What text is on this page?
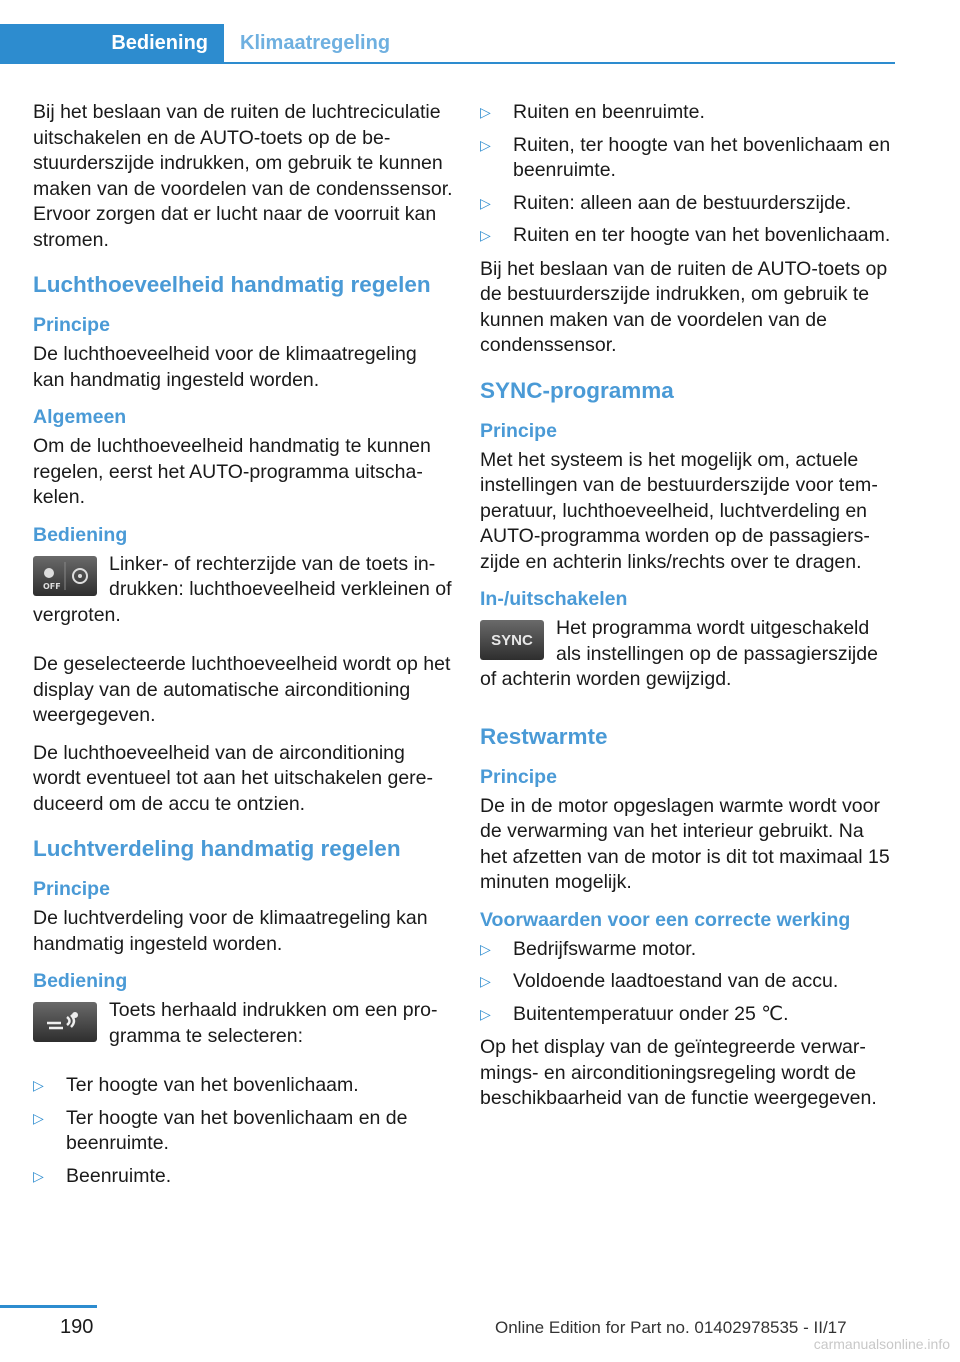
Bediening	Klimaatregeling

Bij het beslaan van de ruiten de luchtreciculatie uitschakelen en de AUTO-toets op de bestuurderszijde indrukken, om gebruik te kunnen maken van de voordelen van de condenssensor. Ervoor zorgen dat er lucht naar de voorruit kan stromen.

Luchthoeveelheid handmatig regelen
Principe

De luchthoeveelheid voor de klimaatregeling kan handmatig ingesteld worden.

Algemeen

Om de luchthoeveelheid handmatig te kunnen regelen, eerst het AUTO-programma uitschakelen.

Bediening
OFF

Linker- of rechterzijde van de toets indrukken: luchthoeveelheid verkleinen of vergroten.

De geselecteerde luchthoeveelheid wordt op het display van de automatische airconditioning weergegeven.

De luchthoeveelheid van de airconditioning wordt eventueel tot aan het uitschakelen gereduceerd om de accu te ontzien.

Luchtverdeling handmatig regelen
Principe

De luchtverdeling voor de klimaatregeling kan handmatig ingesteld worden.

Bediening

Toets herhaald indrukken om een programma te selecteren:

▷ Ter hoogte van het bovenlichaam.
▷ Ter hoogte van het bovenlichaam en de beenruimte.
▷ Beenruimte.
▷ Ruiten en beenruimte.
▷ Ruiten, ter hoogte van het bovenlichaam en beenruimte.
▷ Ruiten: alleen aan de bestuurderszijde.
▷ Ruiten en ter hoogte van het bovenlichaam.

Bij het beslaan van de ruiten de AUTO-toets op de bestuurderszijde indrukken, om gebruik te kunnen maken van de voordelen van de condenssensor.

SYNC-programma
Principe

Met het systeem is het mogelijk om, actuele instellingen van de bestuurderszijde voor temperatuur, luchthoeveelheid, luchtverdeling en AUTO-programma worden op de passagierszijde en achterin links/rechts over te dragen.

In-/uitschakelen
SYNC

Het programma wordt uitgeschakeld als instellingen op de passagierszijde of achterin worden gewijzigd.

Restwarmte
Principe

De in de motor opgeslagen warmte wordt voor de verwarming van het interieur gebruikt. Na het afzetten van de motor is dit tot maximaal 15 minuten mogelijk.

Voorwaarden voor een correcte werking
▷ Bedrijfswarme motor.
▷ Voldoende laadtoestand van de accu.
▷ Buitentemperatuur onder 25 ℃.

Op het display van de geïntegreerde verwarmings- en airconditioningsregeling wordt de beschikbaarheid van de functie weergegeven.

190	Online Edition for Part no. 01402978535 - II/17
carmanualsonline.info
